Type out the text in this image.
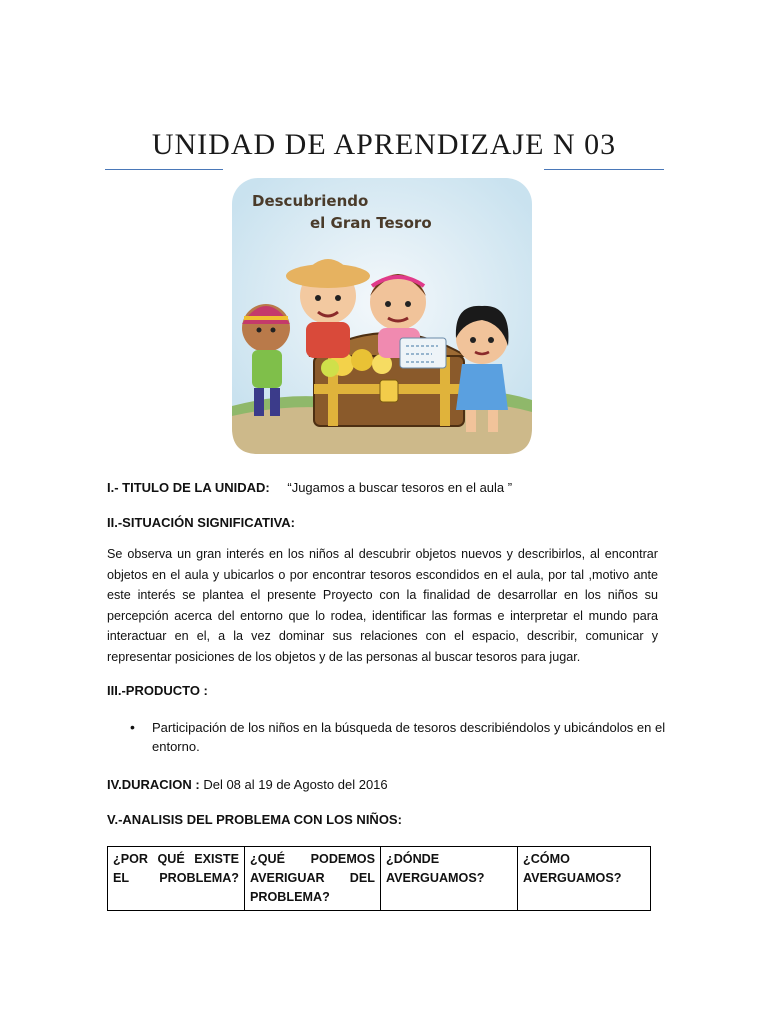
UNIDAD DE APRENDIZAJE N 03
Descubriendo
el Gran Tesoro
I.- TITULO DE LA UNIDAD: “Jugamos a buscar tesoros en el aula ”
II.-SITUACIÓN SIGNIFICATIVA:
Se observa un gran interés en los niños al descubrir objetos nuevos y describirlos, al encontrar objetos en el aula y ubicarlos o por encontrar tesoros escondidos en el aula, por tal ,motivo ante este interés se plantea el presente Proyecto con la finalidad de desarrollar en los niños su percepción acerca del entorno que lo rodea, identificar las formas e interpretar el mundo para interactuar en el, a la vez dominar sus relaciones con el espacio, describir, comunicar y representar posiciones de los objetos y de las personas al buscar tesoros para jugar.
III.-PRODUCTO :
• Participación de los niños en la búsqueda de tesoros describiéndolos y ubicándolos en el entorno.
IV.DURACION : Del 08 al 19 de Agosto del 2016
V.-ANALISIS DEL PROBLEMA CON LOS NIÑOS:
¿POR QUÉ EXISTE EL PROBLEMA?	¿QUÉ PODEMOS AVERIGUAR DEL PROBLEMA?	¿DÓNDE AVERGUAMOS?	¿CÓMO AVERGUAMOS?
